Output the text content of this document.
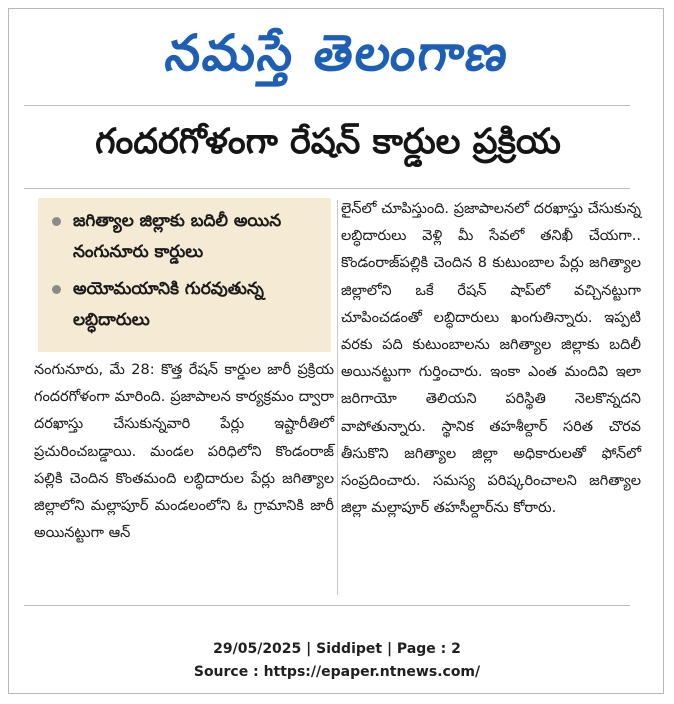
నమస్తే తెలంగాణ
గందరగోళంగా రేషన్ కార్డుల ప్రక్రియ
జగిత్యాల జిల్లాకు బదిలీ అయిన నంగునూరు కార్డులు
అయోమయానికి గురవుతున్న లబ్ధిదారులు

నంగునూరు, మే 28: కొత్త రేషన్ కార్డుల జారీ ప్రక్రియ గందరగోళంగా మారింది. ప్రజాపాలన కార్యక్రమం ద్వారా దరఖాస్తు చేసుకున్నవారి పేర్లు ఇష్టారీతిలో ప్రచురించబడ్డాయి. మండల పరిధిలోని కొండంరాజ్ పల్లికి చెందిన కొంతమంది లబ్ధిదారుల పేర్లు జగిత్యాల జిల్లాలోని మల్లాపూర్ మండలంలోని ఓ గ్రామానికి జారీ అయినట్టుగా ఆన్

లైన్‌లో చూపిస్తుంది. ప్రజాపాలనలో దరఖాస్తు చేసుకున్న లబ్ధిదారులు వెళ్లి మీ సేవలో తనిఖీ చేయగా.. కొండంరాజ్‌పల్లికి చెందిన 8 కుటుంబాల పేర్లు జగిత్యాల జిల్లాలోని ఒకే రేషన్ షాప్‌లో వచ్చినట్టుగా చూపించడంతో లబ్ధిదారులు ఖంగుతిన్నారు. ఇప్పటి వరకు పది కుటుంబాలను జగిత్యాల జిల్లాకు బదిలీ అయినట్టుగా గుర్తించారు. ఇంకా ఎంత మందివి ఇలా జరిగాయో తెలియని పరిస్థితి నెలకొన్నదని వాపోతున్నారు. స్థానిక తహశీల్దార్ సరిత చొరవ తీసుకొని జగిత్యాల జిల్లా అధికారులతో ఫోన్‌లో సంప్రదించారు. సమస్య పరిష్కరించాలని జగిత్యాల జిల్లా మల్లాపూర్ తహసీల్దార్‌ను కోరారు.

29/05/2025 | Siddipet | Page : 2
Source : https://epaper.ntnews.com/
